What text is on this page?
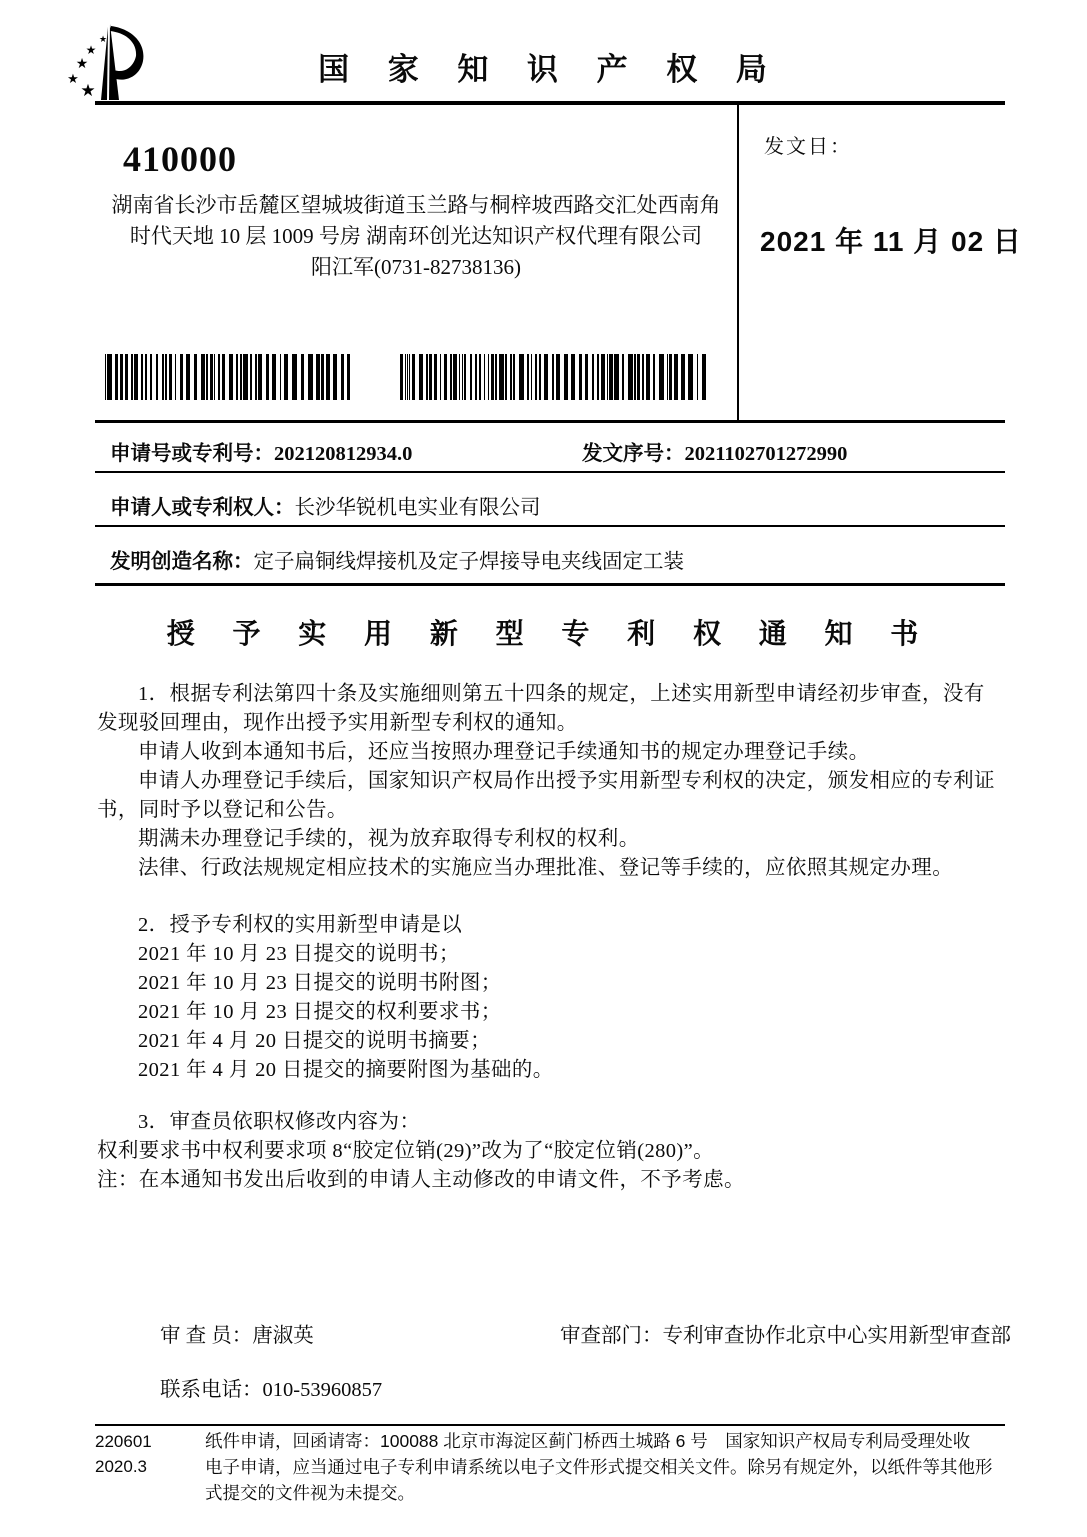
★
★
★
★
★
国 家 知 识 产 权 局
410000
湖南省长沙市岳麓区望城坡街道玉兰路与桐梓坡西路交汇处西南角
时代天地 10 层 1009 号房 湖南环创光达知识产权代理有限公司
阳江军(0731-82738136)
发文日：
2021 年 11 月 02 日
申请号或专利号：202120812934.0	发文序号：2021102701272990
申请人或专利权人：长沙华锐机电实业有限公司
发明创造名称：定子扁铜线焊接机及定子焊接导电夹线固定工装
授 予 实 用 新 型 专 利 权 通 知 书

1．根据专利法第四十条及实施细则第五十四条的规定，上述实用新型申请经初步审查，没有发现驳回理由，现作出授予实用新型专利权的通知。

申请人收到本通知书后，还应当按照办理登记手续通知书的规定办理登记手续。

申请人办理登记手续后，国家知识产权局作出授予实用新型专利权的决定，颁发相应的专利证书，同时予以登记和公告。

期满未办理登记手续的，视为放弃取得专利权的权利。

法律、行政法规规定相应技术的实施应当办理批准、登记等手续的，应依照其规定办理。

2．授予专利权的实用新型申请是以

2021 年 10 月 23 日提交的说明书；

2021 年 10 月 23 日提交的说明书附图；

2021 年 10 月 23 日提交的权利要求书；

2021 年 4 月 20 日提交的说明书摘要；

2021 年 4 月 20 日提交的摘要附图为基础的。

3．审查员依职权修改内容为：

权利要求书中权利要求项 8“胶定位销(29)”改为了“胶定位销(280)”。

注：在本通知书发出后收到的申请人主动修改的申请文件，不予考虑。

审 查 员：唐淑英	审查部门：专利审查协作北京中心实用新型审查部
联系电话：010-53960857
220601
2020.3
纸件申请，回函请寄：100088 北京市海淀区蓟门桥西土城路 6 号　国家知识产权局专利局受理处收
电子申请，应当通过电子专利申请系统以电子文件形式提交相关文件。除另有规定外，以纸件等其他形式提交的文件视为未提交。
